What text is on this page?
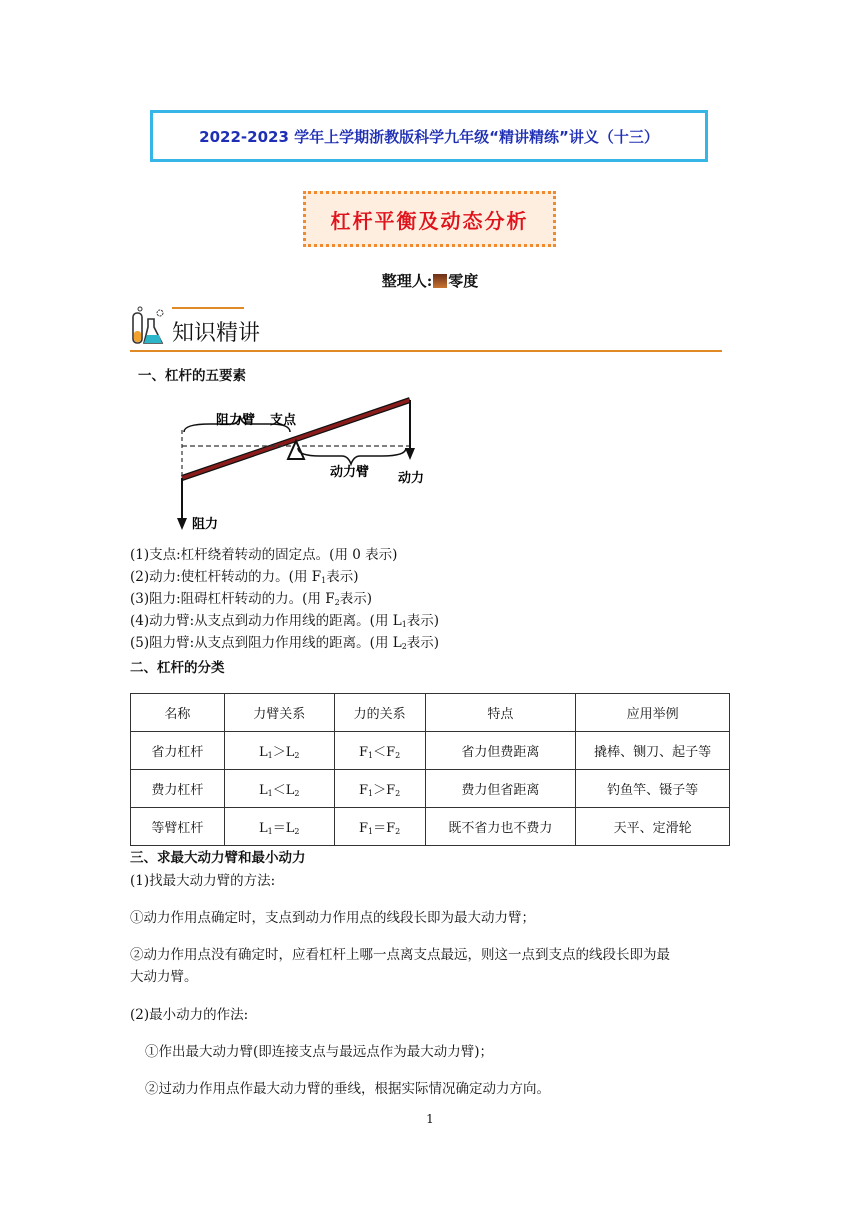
2022-2023 学年上学期浙教版科学九年级“精讲精练”讲义（十三）
杠杆平衡及动态分析
整理人: 零度
知识精讲
一、杠杆的五要素
阻力臂 支点
动力臂 动力
阻力
(1)支点:杠杆绕着转动的固定点。(用 0 表示)
(2)动力:使杠杆转动的力。(用 $F_1$表示)
(3)阻力:阻碍杠杆转动的力。(用 $F_2$表示)
(4)动力臂:从支点到动力作用线的距离。(用 $L_1$表示)
(5)阻力臂:从支点到阻力作用线的距离。(用 $L_2$表示)
二、杠杆的分类
名称	力臂关系	力的关系	特点	应用举例
省力杠杆	$L_1>L_2$	$F_1<F_2$	省力但费距离	撬棒、铡刀、起子等
费力杠杆	$L_1<L_2$	$F_1>F_2$	费力但省距离	钓鱼竿、镊子等
等臂杠杆	$L_1=L_2$	$F_1=F_2$	既不省力也不费力	天平、定滑轮
三、求最大动力臂和最小动力
(1)找最大动力臂的方法:
①动力作用点确定时，支点到动力作用点的线段长即为最大动力臂；
②动力作用点没有确定时，应看杠杆上哪一点离支点最远，则这一点到支点的线段长即为最
大动力臂。
(2)最小动力的作法:
①作出最大动力臂(即连接支点与最远点作为最大动力臂)；
②过动力作用点作最大动力臂的垂线，根据实际情况确定动力方向。
1
